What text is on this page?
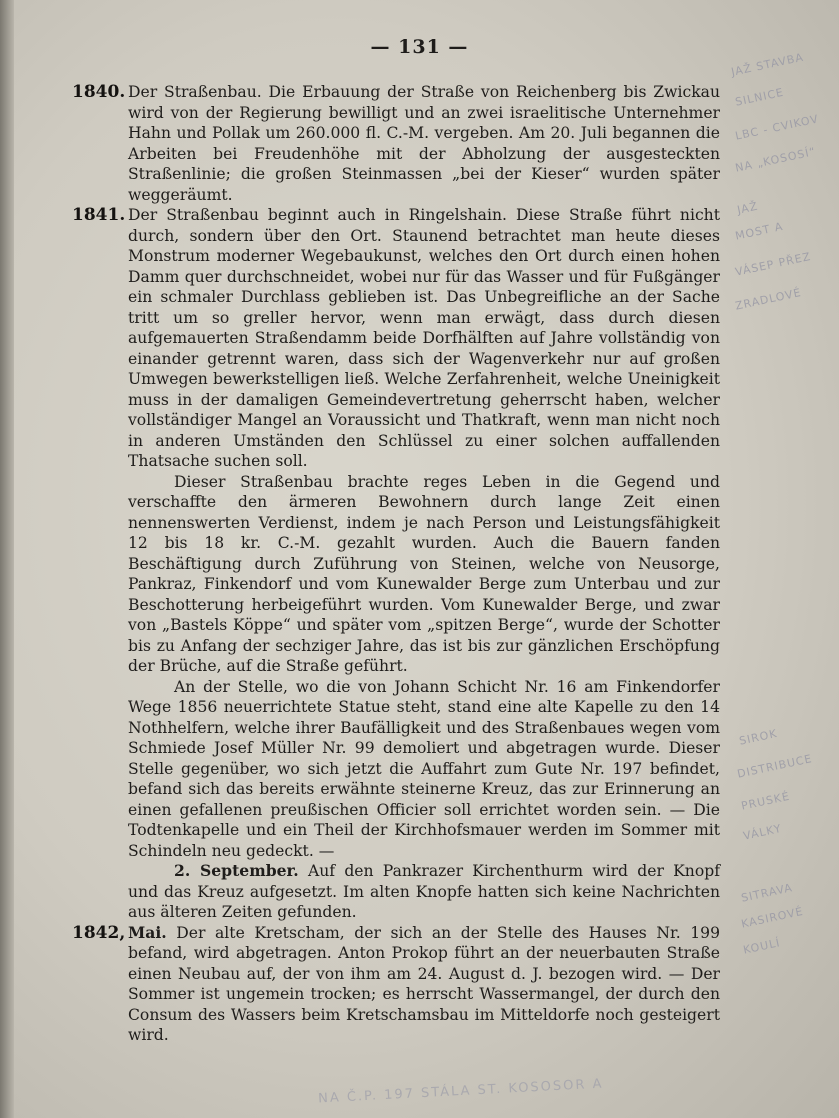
— 131 —
1840. Der Straßenbau. Die Erbauung der Straße von Reichenberg bis Zwickau wird von der Regierung bewilligt und an zwei israelitische Unternehmer Hahn und Pollak um 260.000 fl. C.-M. vergeben. Am 20. Juli begannen die Arbeiten bei Freudenhöhe mit der Abholzung der ausgesteckten Straßenlinie; die großen Steinmassen „bei der Kieser“ wurden später weggeräumt.
1841. Der Straßenbau beginnt auch in Ringelshain. Diese Straße führt nicht durch, sondern über den Ort. Staunend betrachtet man heute dieses Monstrum moderner Wegebaukunst, welches den Ort durch einen hohen Damm quer durchschneidet, wobei nur für das Wasser und für Fußgänger ein schmaler Durchlass geblieben ist. Das Unbegreifliche an der Sache tritt um so greller hervor, wenn man erwägt, dass durch diesen aufgemauerten Straßendamm beide Dorfhälften auf Jahre vollständig von einander getrennt waren, dass sich der Wagenverkehr nur auf großen Umwegen bewerkstelligen ließ. Welche Zerfahrenheit, welche Uneinigkeit muss in der damaligen Gemeindevertretung geherrscht haben, welcher vollständiger Mangel an Voraussicht und Thatkraft, wenn man nicht noch in anderen Umständen den Schlüssel zu einer solchen auffallenden Thatsache suchen soll.
Dieser Straßenbau brachte reges Leben in die Gegend und verschaffte den ärmeren Bewohnern durch lange Zeit einen nennenswerten Verdienst, indem je nach Person und Leistungsfähigkeit 12 bis 18 kr. C.-M. gezahlt wurden. Auch die Bauern fanden Beschäftigung durch Zuführung von Steinen, welche von Neusorge, Pankraz, Finkendorf und vom Kunewalder Berge zum Unterbau und zur Beschotterung herbeigeführt wurden. Vom Kunewalder Berge, und zwar von „Bastels Köppe“ und später vom „spitzen Berge“, wurde der Schotter bis zu Anfang der sechziger Jahre, das ist bis zur gänzlichen Erschöpfung der Brüche, auf die Straße geführt.
An der Stelle, wo die von Johann Schicht Nr. 16 am Finkendorfer Wege 1856 neuerrichtete Statue steht, stand eine alte Kapelle zu den 14 Nothhelfern, welche ihrer Baufälligkeit und des Straßenbaues wegen vom Schmiede Josef Müller Nr. 99 demoliert und abgetragen wurde. Dieser Stelle gegenüber, wo sich jetzt die Auffahrt zum Gute Nr. 197 befindet, befand sich das bereits erwähnte steinerne Kreuz, das zur Erinnerung an einen gefallenen preußischen Officier soll errichtet worden sein. — Die Todtenkapelle und ein Theil der Kirchhofsmauer werden im Sommer mit Schindeln neu gedeckt. —
2. September. Auf den Pankrazer Kirchenthurm wird der Knopf und das Kreuz aufgesetzt. Im alten Knopfe hatten sich keine Nachrichten aus älteren Zeiten gefunden.
1842, Mai. Der alte Kretscham, der sich an der Stelle des Hauses Nr. 199 befand, wird abgetragen. Anton Prokop führt an der neuerbauten Straße einen Neubau auf, der von ihm am 24. August d. J. bezogen wird. — Der Sommer ist ungemein trocken; es herrscht Wassermangel, der durch den Consum des Wassers beim Kretschamsbau im Mitteldorfe noch gesteigert wird.
JAŽ STAVBA
SILNICE
LBC - CVIKOV
NA „KOSOSÍ“
JAŽ
MOST A
VÁSEP PŘEZ
ZRADLOVÉ
SIROK
DISTRIBUCE
PRUSKÉ
VÁLKY
SITRAVA
KASIROVÉ
KOULÍ
NA Č.P. 197 STÁLA ST. KOSOSOR A
